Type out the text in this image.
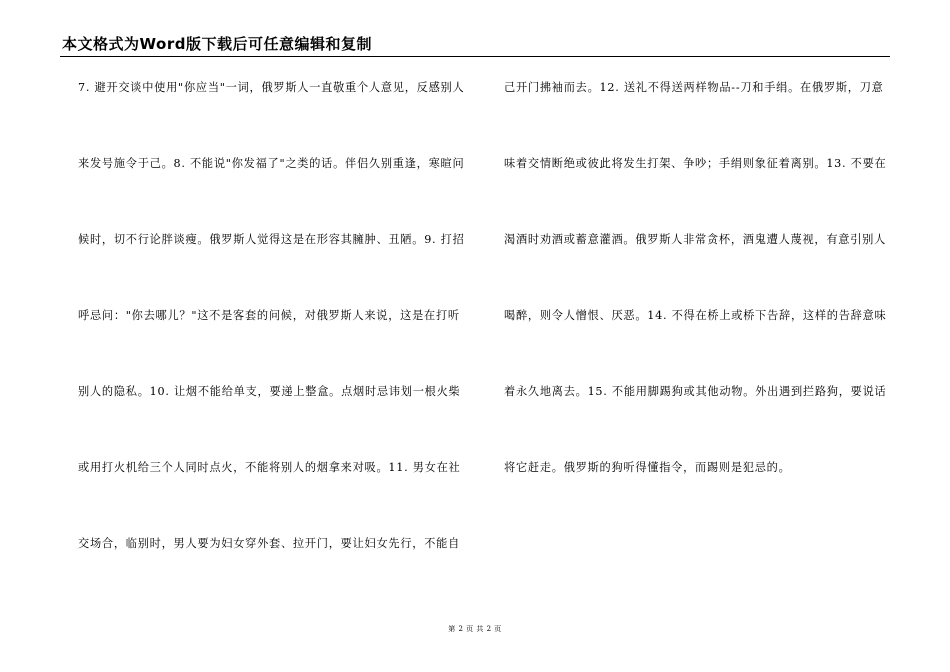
本文格式为Word版下载后可任意编辑和复制
7. 避开交谈中使用"你应当"一词，俄罗斯人一直敬重个人意见，反感别人
来发号施令于己。8. 不能说"你发福了"之类的话。伴侣久别重逢，寒暄问
候时，切不行论胖谈瘦。俄罗斯人觉得这是在形容其臃肿、丑陋。9. 打招
呼忌问："你去哪儿？"这不是客套的问候，对俄罗斯人来说，这是在打听
别人的隐私。10. 让烟不能给单支，要递上整盒。点烟时忌讳划一根火柴
或用打火机给三个人同时点火，不能将别人的烟拿来对吸。11. 男女在社
交场合，临别时，男人要为妇女穿外套、拉开门，要让妇女先行，不能自
己开门拂袖而去。12. 送礼不得送两样物品--刀和手绢。在俄罗斯，刀意
味着交情断绝或彼此将发生打架、争吵；手绢则象征着离别。13. 不要在
渴酒时劝酒或蓄意灌酒。俄罗斯人非常贪杯，酒鬼遭人蔑视，有意引别人
喝醉，则令人憎恨、厌恶。14. 不得在桥上或桥下告辞，这样的告辞意味
着永久地离去。15. 不能用脚踢狗或其他动物。外出遇到拦路狗，要说话
将它赶走。俄罗斯的狗听得懂指令，而踢则是犯忌的。
第 2 页 共 2 页
